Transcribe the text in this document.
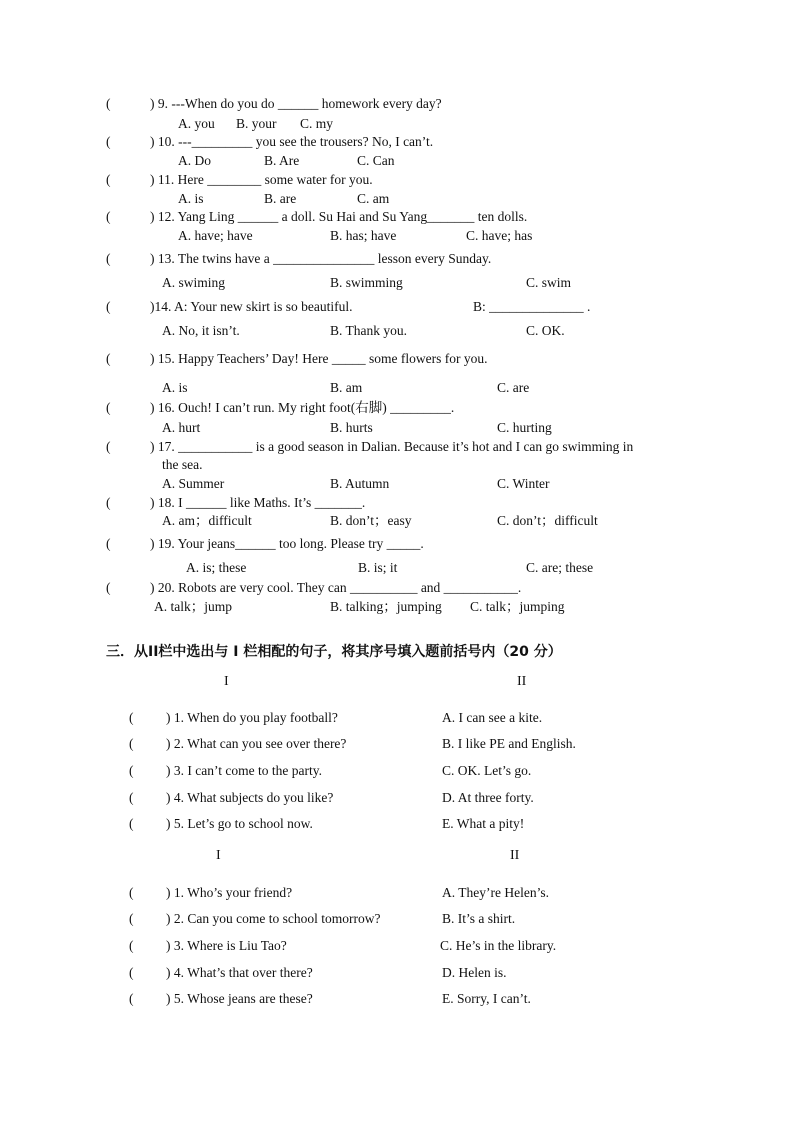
(	) 9. ---When do you do ______ homework every day?
A. you B. your C. my
(	) 10. ---_________ you see the trousers? No, I can’t.
A. Do	B. Are	C. Can
(	) 11. Here ________ some water for you.
A. is	B. are	C. am
(	) 12. Yang Ling ______ a doll. Su Hai and Su Yang_______ ten dolls.
A. have; have	B. has; have	C. have; has
(	) 13. The twins have a _______________ lesson every Sunday.
A. swiming	B. swimming	C. swim
(	)14. A: Your new skirt is so beautiful.	B: ______________ .
A. No, it isn’t.	B. Thank you.	C. OK.
(	) 15. Happy Teachers’ Day! Here _____ some flowers for you.
A. is	B. am	C. are
(	) 16. Ouch! I can’t run. My right foot(右脚) _________.
A. hurt	B. hurts	C. hurting
(	) 17. ___________ is a good season in Dalian. Because it’s hot and I can go swimming in
the sea.
A. Summer	B. Autumn	C. Winter
(	) 18. I ______ like Maths. It’s _______.
A. am；difficult	B. don’t；easy	C. don’t；difficult
(	) 19. Your jeans______ too long. Please try _____.
A. is; these	B. is; it	C. are; these
(	) 20. Robots are very cool. They can __________ and ___________.
A. talk；jump	B. talking；jumping C. talk；jumping
三．从II栏中选出与 I 栏相配的句子，将其序号填入题前括号内（20 分）
I	II
( ) 1. When do you play football?	A. I can see a kite.
( ) 2. What can you see over there?	B. I like PE and English.
( ) 3. I can’t come to the party.	C. OK. Let’s go.
( ) 4. What subjects do you like?	D. At three forty.
( ) 5. Let’s go to school now.	E. What a pity!
I	II
( ) 1. Who’s your friend?	A. They’re Helen’s.
( ) 2. Can you come to school tomorrow?	B. It’s a shirt.
( ) 3. Where is Liu Tao?	C. He’s in the library.
( ) 4. What’s that over there?	D. Helen is.
( ) 5. Whose jeans are these?	E. Sorry, I can’t.
